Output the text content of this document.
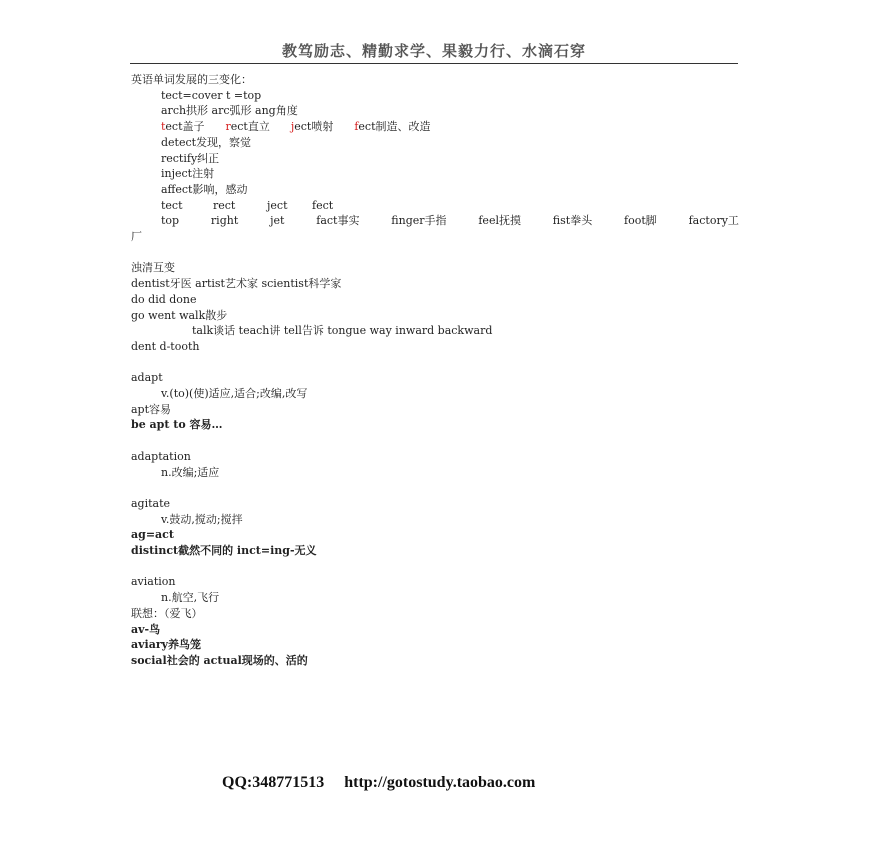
教笃励志、精勤求学、果毅力行、水滴石穿
英语单词发展的三变化：
tect=cover t =top
arch拱形 arc弧形 ang角度
tect盖子 rect直立 ject喷射 fect制造、改造
detect发现，察觉
rectify纠正
inject注射
affect影响，感动
tect	rect	ject fect
top	right	jet	fact事实	finger手指	feel抚摸	fist拳头	foot脚	factory工
厂
浊清互变
dentist牙医 artist艺术家 scientist科学家
do did done
go went walk散步
talk谈话 teach讲 tell告诉 tongue way inward backward
dent d-tooth
adapt
v.(to)(使)适应,适合;改编,改写
apt容易
be apt to 容易…
adaptation
n.改编;适应
agitate
v.鼓动,搅动;搅拌
ag=act
distinct截然不同的 inct=ing-无义
aviation
n.航空,飞行
联想：（爱飞）
av-鸟
aviary养鸟笼
social社会的 actual现场的、活的
QQ:348771513 http://gotostudy.taobao.com
